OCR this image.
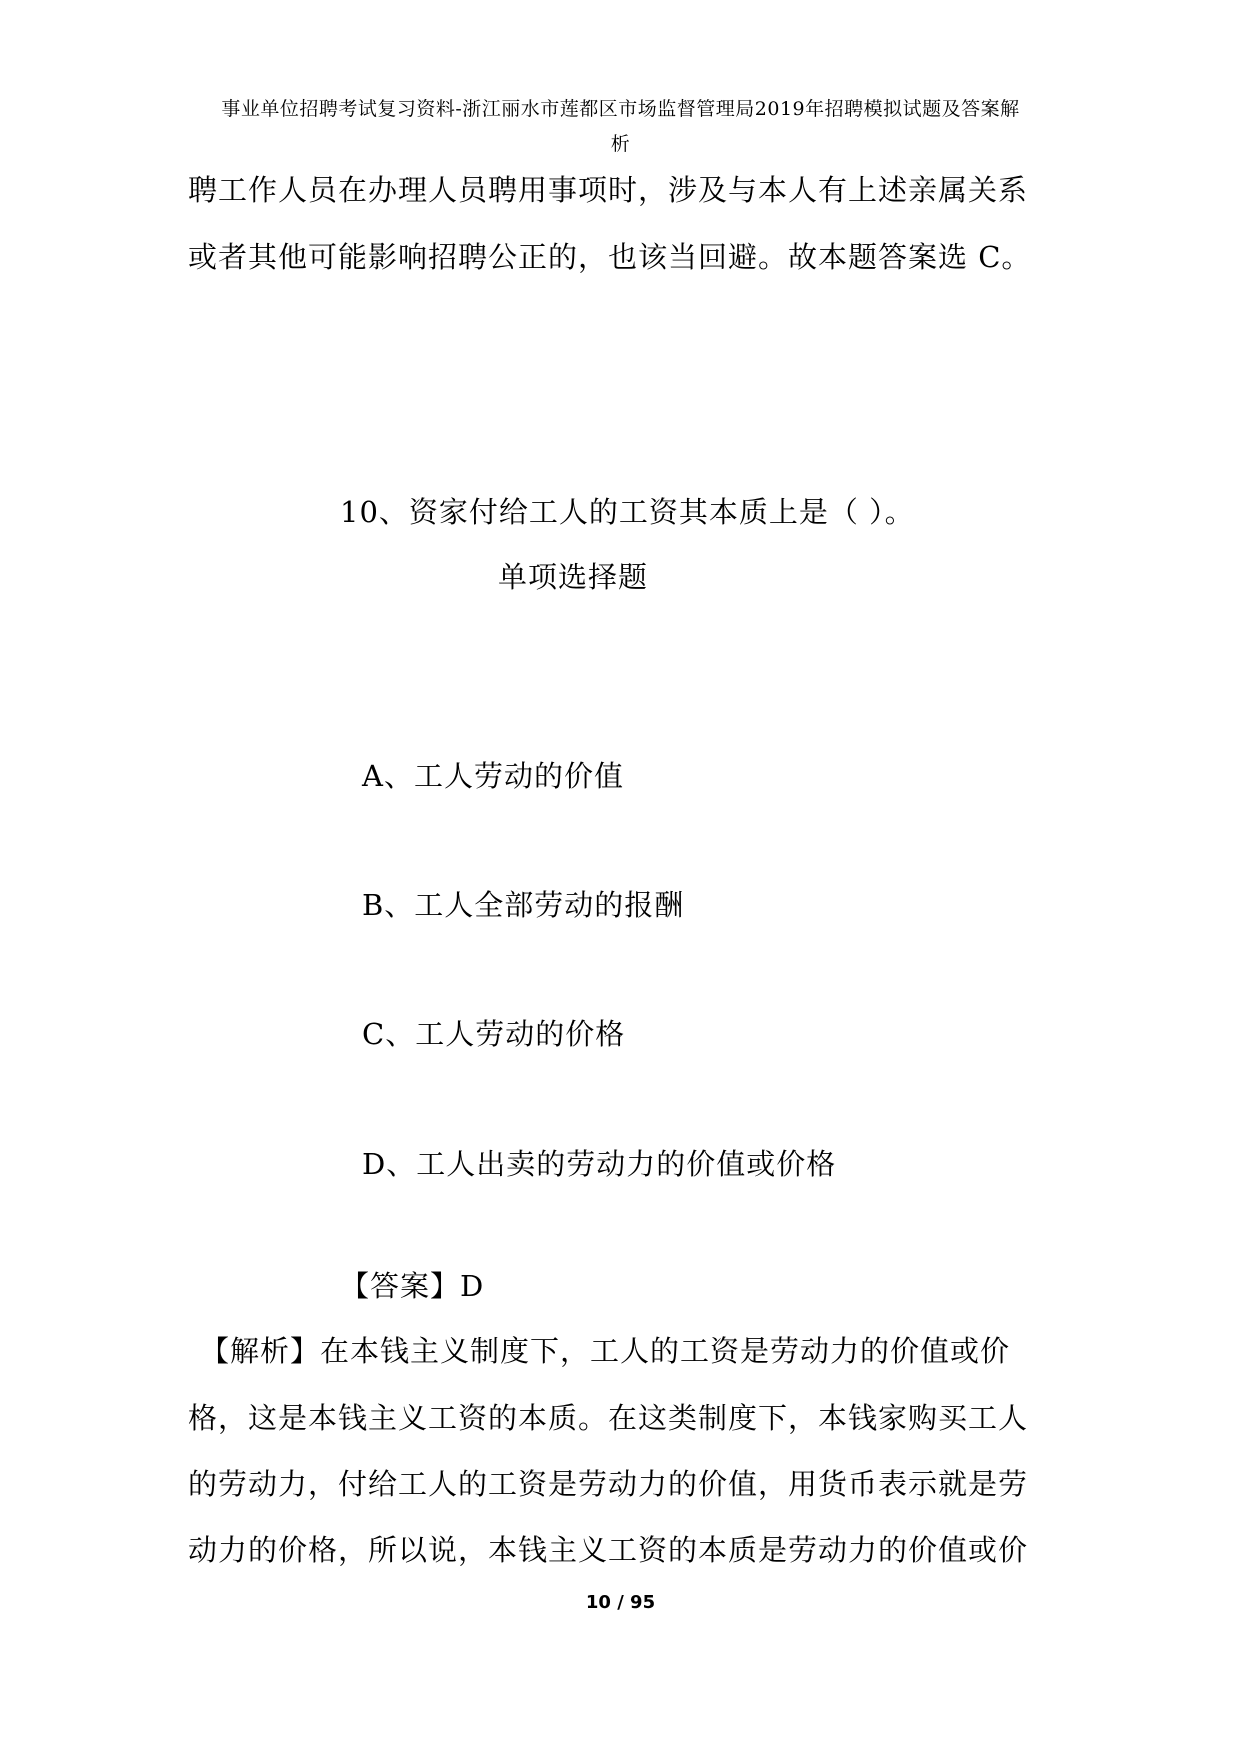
事业单位招聘考试复习资料-浙江丽水市莲都区市场监督管理局2019年招聘模拟试题及答案解
析
聘工作人员在办理人员聘用事项时，涉及与本人有上述亲属关系
或者其他可能影响招聘公正的，也该当回避。故本题答案选 C。
10、资家付给工人的工资其本质上是（ ）。
单项选择题
A、工人劳动的价值
B、工人全部劳动的报酬
C、工人劳动的价格
D、工人出卖的劳动力的价值或价格
【答案】D
【解析】在本钱主义制度下，工人的工资是劳动力的价值或价
格，这是本钱主义工资的本质。在这类制度下，本钱家购买工人
的劳动力，付给工人的工资是劳动力的价值，用货币表示就是劳
动力的价格，所以说，本钱主义工资的本质是劳动力的价值或价
10 / 95
